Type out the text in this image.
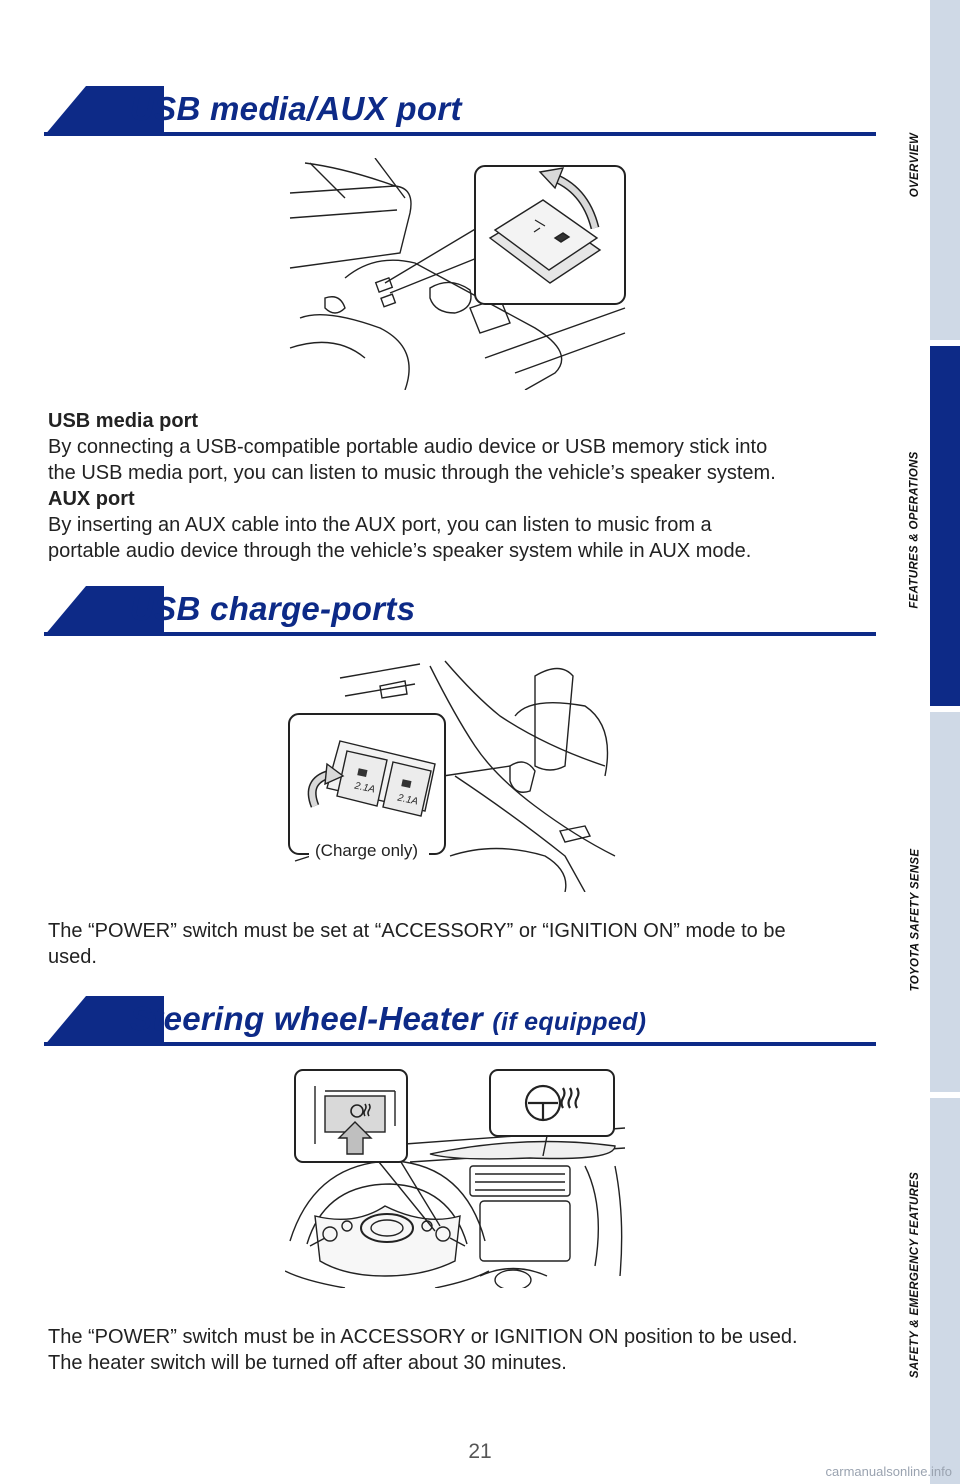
USB media/AUX port
USB media port
By connecting a USB-compatible portable audio device or USB memory stick into
the USB media port, you can listen to music through the vehicle’s speaker system.
AUX port
By inserting an AUX cable into the AUX port, you can listen to music from a
portable audio device through the vehicle’s speaker system while in AUX mode.
USB charge-ports
2.1A
2.1A
(Charge only)
The “POWER” switch must be set at “ACCESSORY” or “IGNITION ON” mode to be
used.
Steering wheel-Heater (if equipped)
The “POWER” switch must be in ACCESSORY or IGNITION ON position to be used.
The heater switch will be turned off after about 30 minutes.
OVERVIEW
FEATURES & OPERATIONS
TOYOTA SAFETY SENSE
SAFETY & EMERGENCY FEATURES
21
carmanualsonline.info
